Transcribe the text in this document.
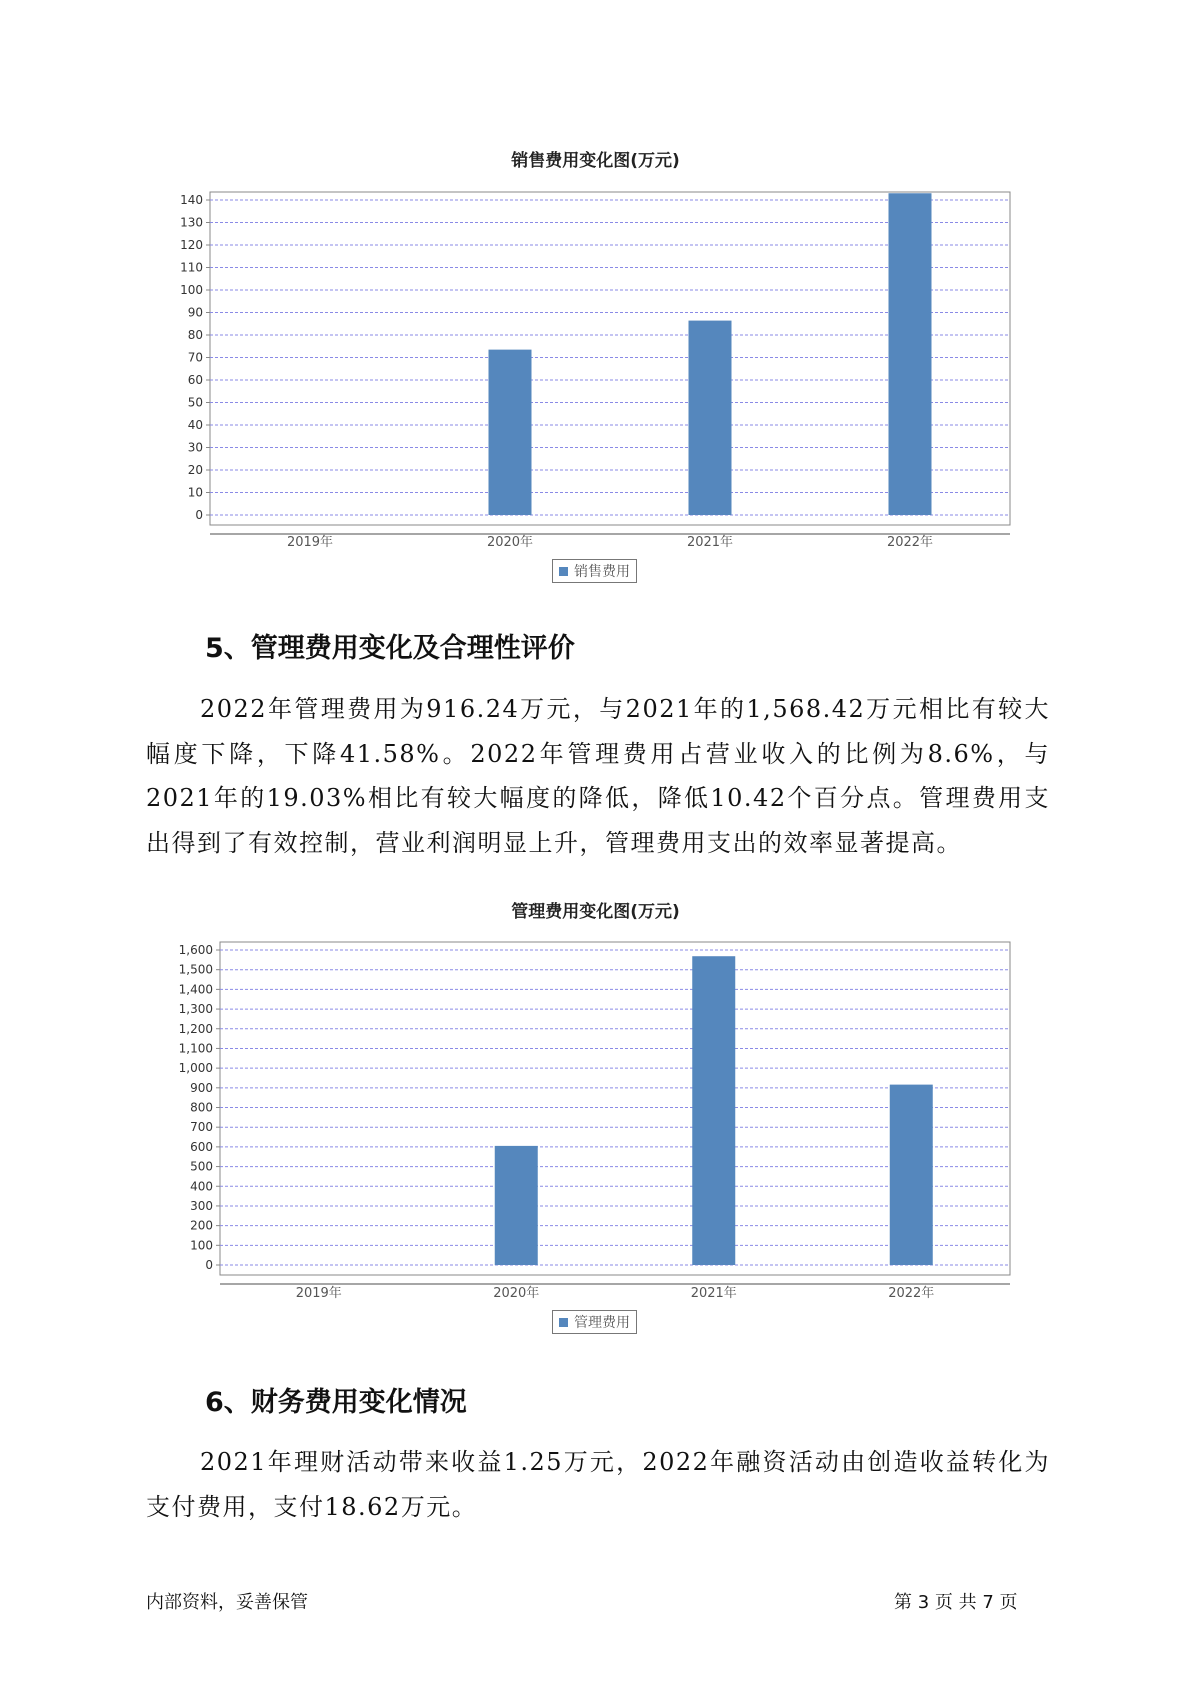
销售费用变化图(万元)
0
10
20
30
40
50
60
70
80
90
100
110
120
130
140
2019年	2020年	2021年	2022年
销售费用
5、管理费用变化及合理性评价

2022年管理费用为916.24万元，与2021年的1,568.42万元相比有较大幅度下降，下降41.58%。2022年管理费用占营业收入的比例为8.6%，与2021年的19.03%相比有较大幅度的降低，降低10.42个百分点。管理费用支出得到了有效控制，营业利润明显上升，管理费用支出的效率显著提高。

管理费用变化图(万元)
0
100
200
300
400
500
600
700
800
900
1,000
1,100
1,200
1,300
1,400
1,500
1,600
2019年	2020年	2021年	2022年
管理费用
6、财务费用变化情况

2021年理财活动带来收益1.25万元，2022年融资活动由创造收益转化为支付费用，支付18.62万元。

内部资料，妥善保管	第 3 页 共 7 页
